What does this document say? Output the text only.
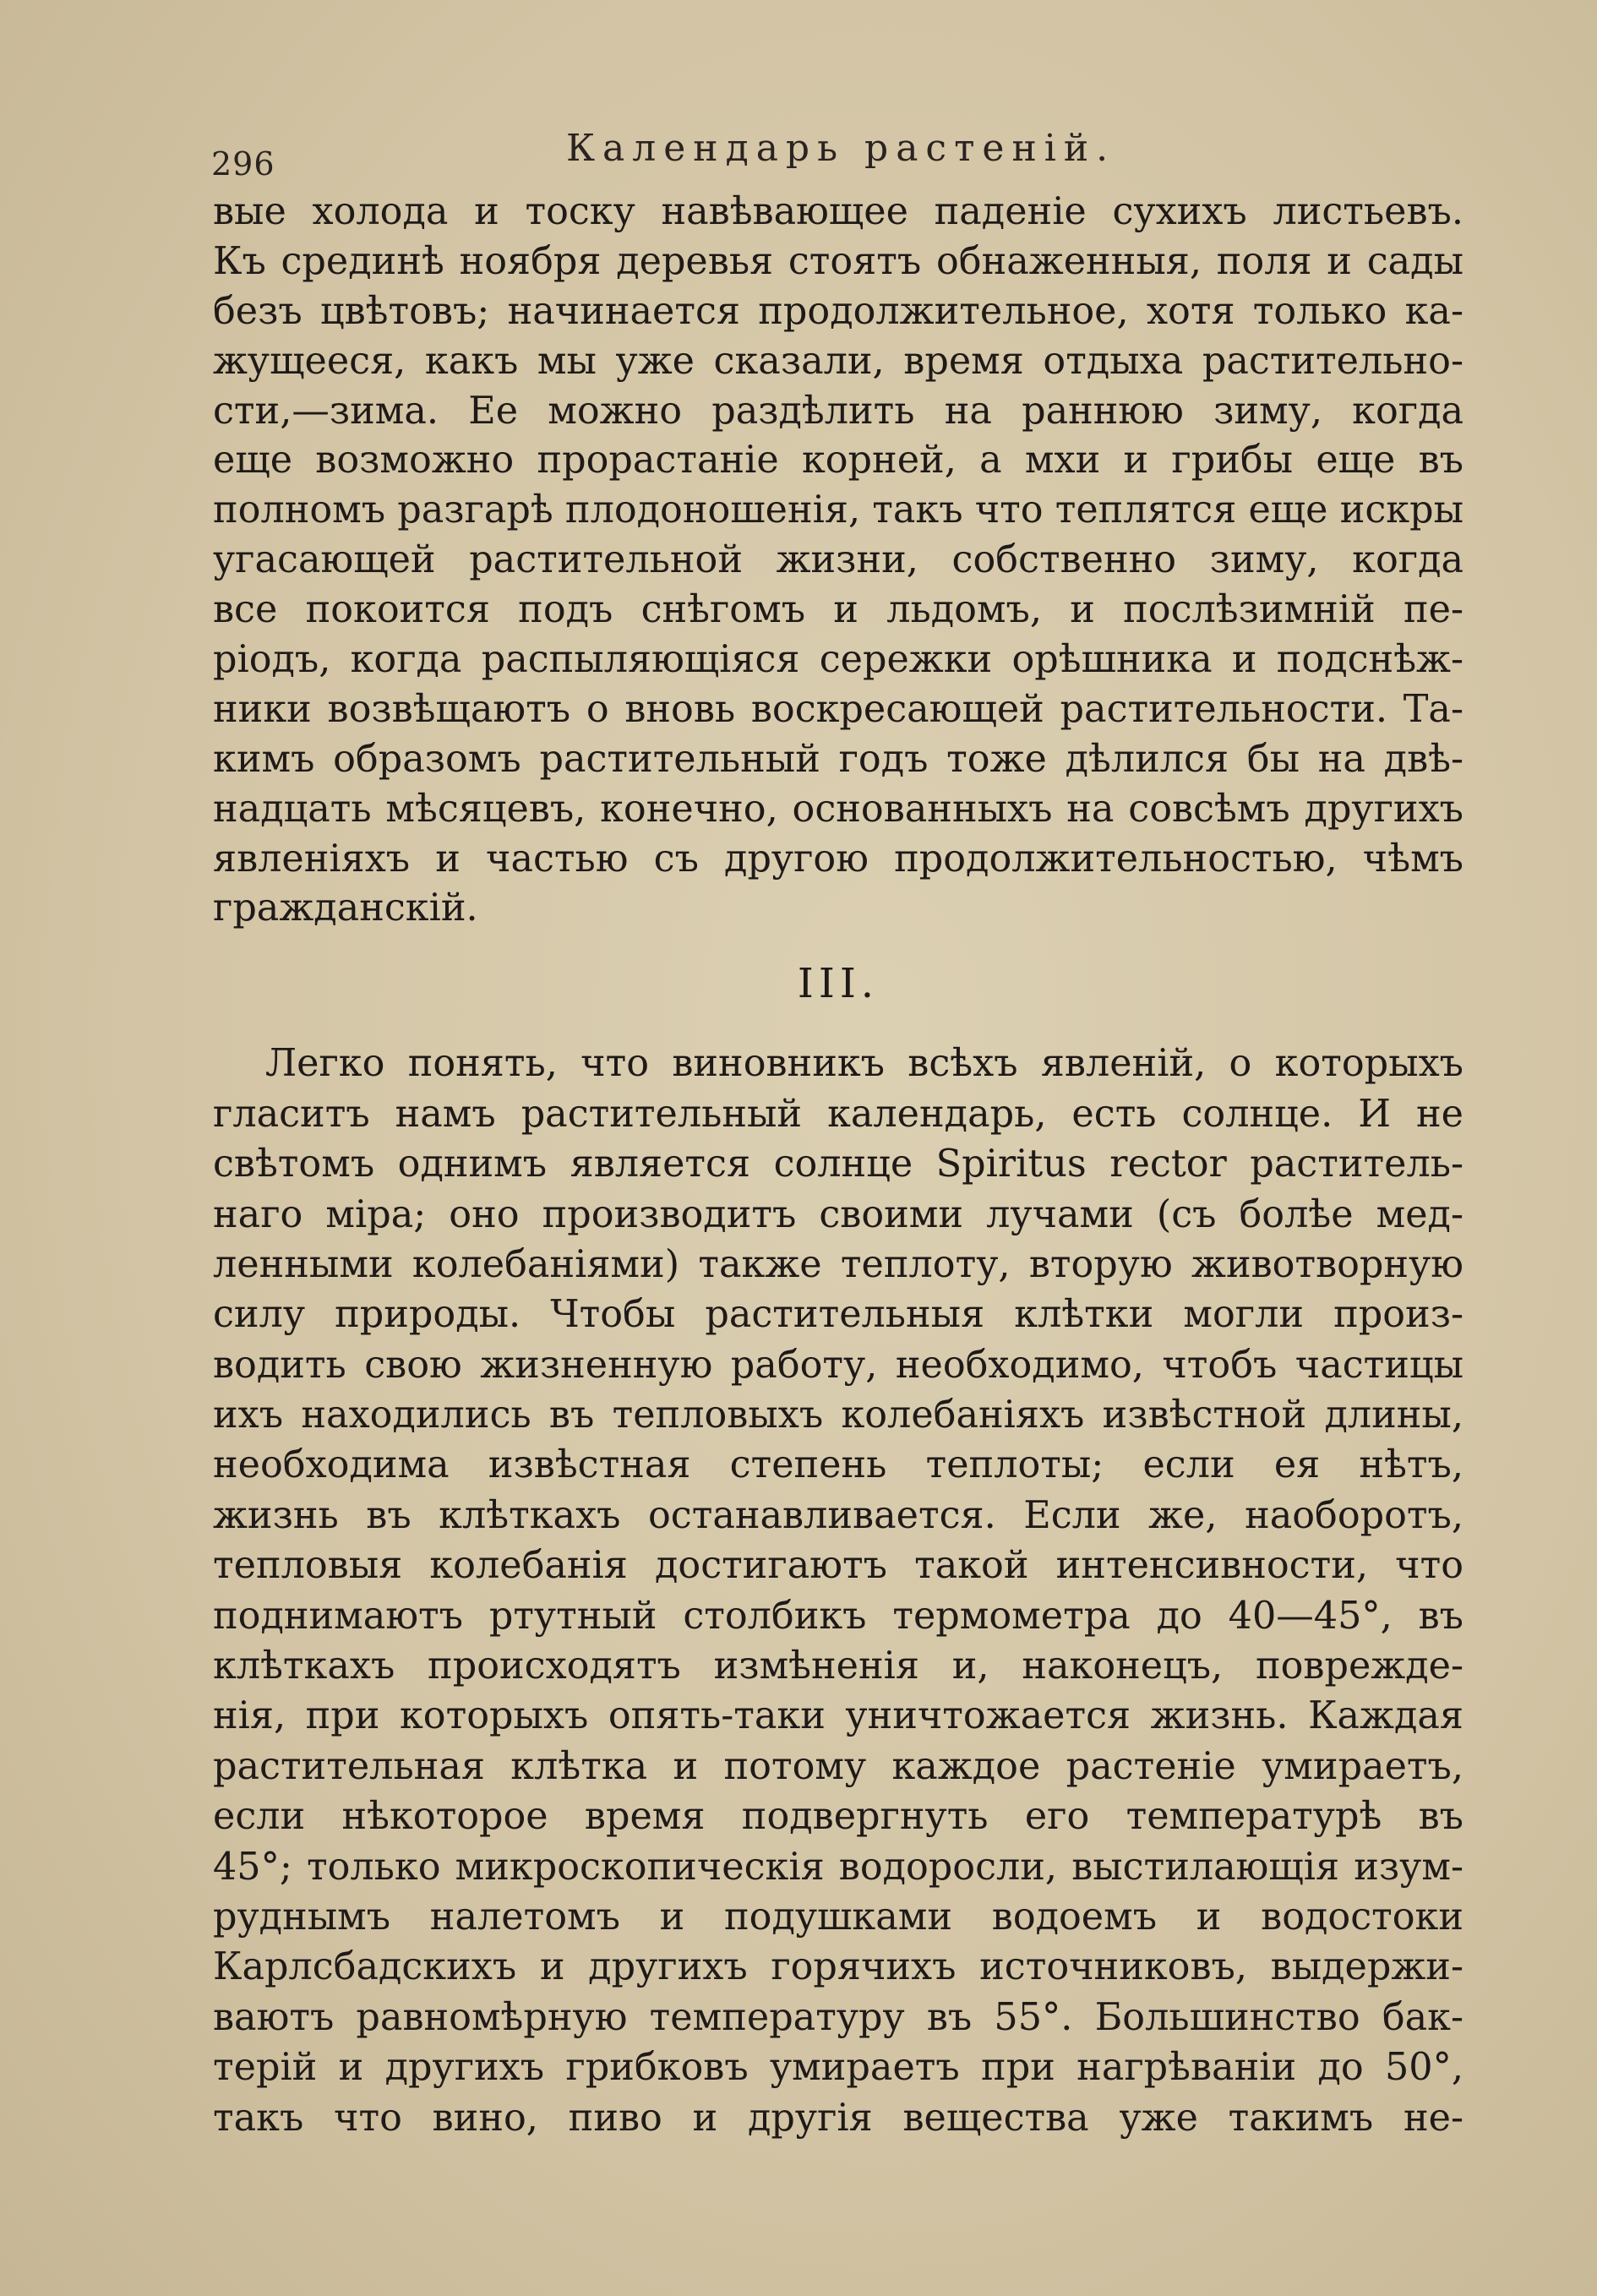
296	Календарь растеній.
вые холода и тоску навѣвающее паденіе сухихъ листьевъ.
Къ срединѣ ноября деревья стоятъ обнаженныя, поля и сады
безъ цвѣтовъ; начинается продолжительное, хотя только ка-
жущееся, какъ мы уже сказали, время отдыха растительно-
сти,—зима. Ее можно раздѣлить на раннюю зиму, когда
еще возможно прорастаніе корней, а мхи и грибы еще въ
полномъ разгарѣ плодоношенія, такъ что теплятся еще искры
угасающей растительной жизни, собственно зиму, когда
все покоится подъ снѣгомъ и льдомъ, и послѣзимній пе-
ріодъ, когда распыляющіяся сережки орѣшника и подснѣж-
ники возвѣщаютъ о вновь воскресающей растительности. Та-
кимъ образомъ растительный годъ тоже дѣлился бы на двѣ-
надцать мѣсяцевъ, конечно, основанныхъ на совсѣмъ другихъ
явленіяхъ и частью съ другою продолжительностью, чѣмъ
гражданскій.
III.
Легко понять, что виновникъ всѣхъ явленій, о которыхъ
гласитъ намъ растительный календарь, есть солнце. И не
свѣтомъ однимъ является солнце Spiritus rector раститель-
наго міра; оно производитъ своими лучами (съ болѣе мед-
ленными колебаніями) также теплоту, вторую животворную
силу природы. Чтобы растительныя клѣтки могли произ-
водить свою жизненную работу, необходимо, чтобъ частицы
ихъ находились въ тепловыхъ колебаніяхъ извѣстной длины,
необходима извѣстная степень теплоты; если ея нѣтъ,
жизнь въ клѣткахъ останавливается. Если же, наоборотъ,
тепловыя колебанія достигаютъ такой интенсивности, что
поднимаютъ ртутный столбикъ термометра до 40—45°, въ
клѣткахъ происходятъ измѣненія и, наконецъ, поврежде-
нія, при которыхъ опять-таки уничтожается жизнь. Каждая
растительная клѣтка и потому каждое растеніе умираетъ,
если нѣкоторое время подвергнуть его температурѣ въ
45°; только микроскопическія водоросли, выстилающія изум-
руднымъ налетомъ и подушками водоемъ и водостоки
Карлсбадскихъ и другихъ горячихъ источниковъ, выдержи-
ваютъ равномѣрную температуру въ 55°. Большинство бак-
терій и другихъ грибковъ умираетъ при нагрѣваніи до 50°,
такъ что вино, пиво и другія вещества уже такимъ не-
